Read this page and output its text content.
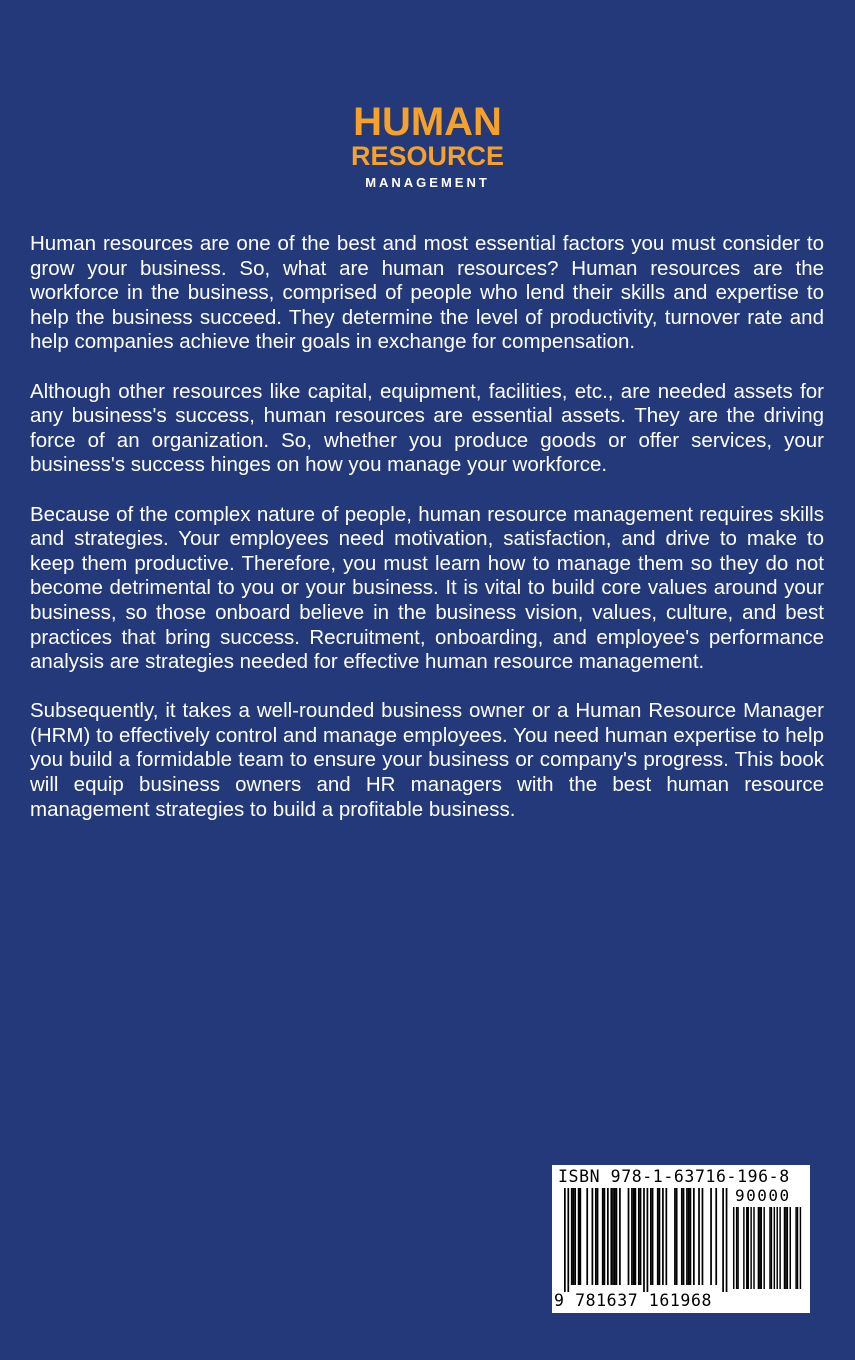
HUMAN
RESOURCE
MANAGEMENT

Human resources are one of the best and most essential factors you must consider to grow your business. So, what are human resources? Human resources are the workforce in the business, comprised of people who lend their skills and expertise to help the business succeed. They determine the level of productivity, turnover rate and help companies achieve their goals in exchange for compensation.

Although other resources like capital, equipment, facilities, etc., are needed assets for any business's success, human resources are essential assets. They are the driving force of an organization. So, whether you produce goods or offer services, your business's success hinges on how you manage your workforce.

Because of the complex nature of people, human resource management requires skills and strategies. Your employees need motivation, satisfaction, and drive to make to keep them productive. Therefore, you must learn how to manage them so they do not become detrimental to you or your business. It is vital to build core values around your business, so those onboard believe in the business vision, values, culture, and best practices that bring success. Recruitment, onboarding, and employee's performance analysis are strategies needed for effective human resource management.

Subsequently, it takes a well-rounded business owner or a Human Resource Manager (HRM) to effectively control and manage employees. You need human expertise to help you build a formidable team to ensure your business or company's progress. This book will equip business owners and HR managers with the best human resource management strategies to build a profitable business.

ISBN 978-1-63716-196-8
90000
9 781637 161968
